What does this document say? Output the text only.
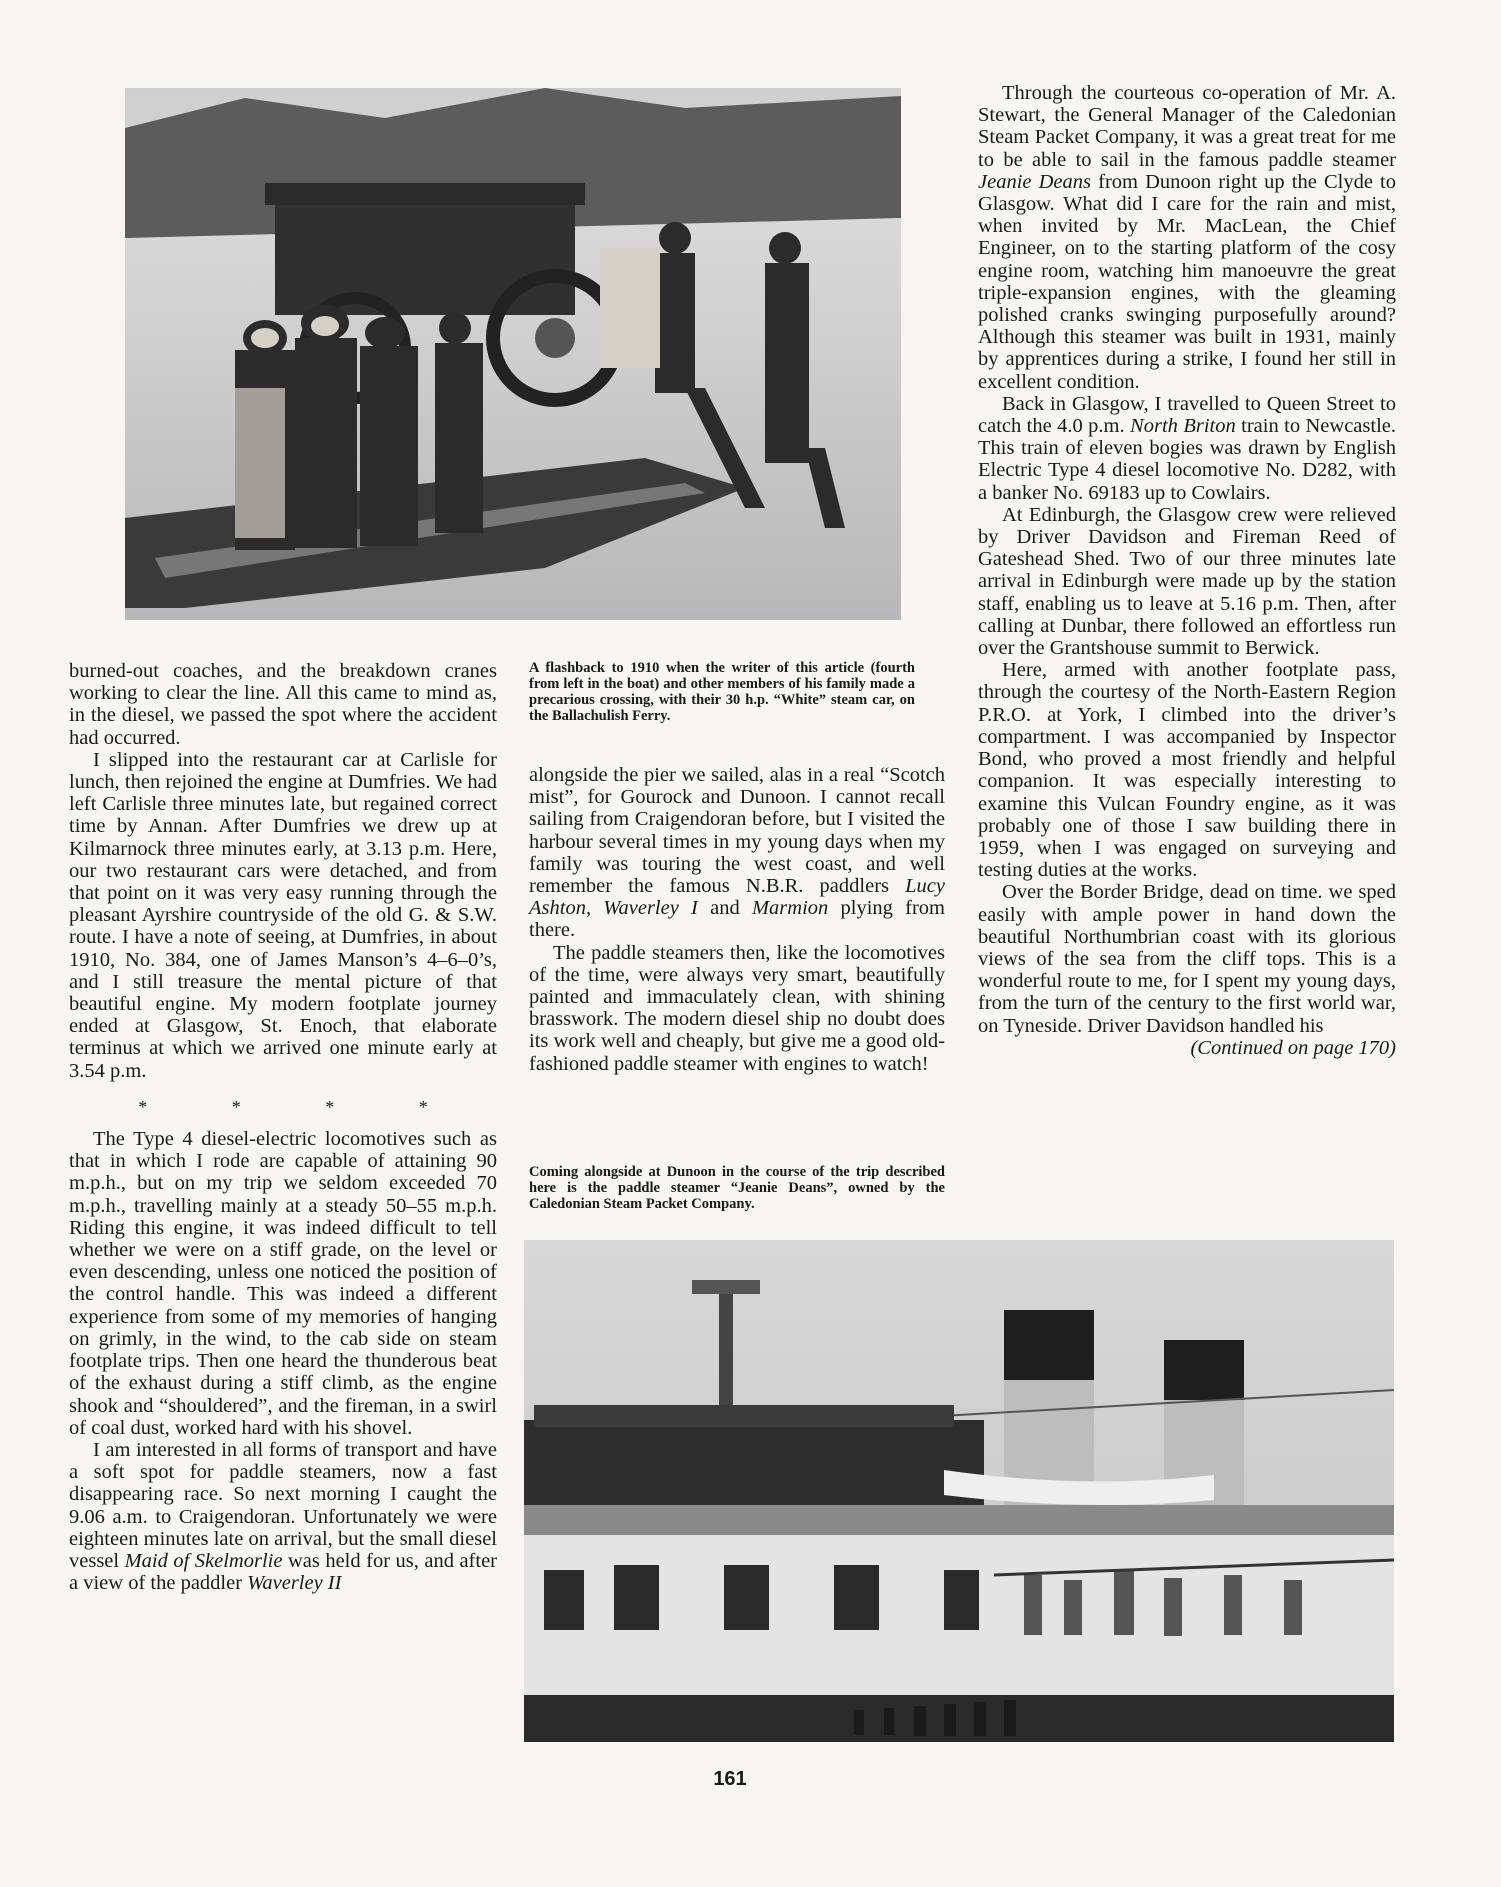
burned-out coaches, and the breakdown cranes working to clear the line. All this came to mind as, in the diesel, we passed the spot where the accident had occurred.

I slipped into the restaurant car at Carlisle for lunch, then rejoined the engine at Dumfries. We had left Carlisle three minutes late, but regained correct time by Annan. After Dumfries we drew up at Kilmarnock three minutes early, at 3.13 p.m. Here, our two restaurant cars were detached, and from that point on it was very easy running through the pleasant Ayrshire countryside of the old G. & S.W. route. I have a note of seeing, at Dumfries, in about 1910, No. 384, one of James Manson’s 4–6–0’s, and I still treasure the mental picture of that beautiful engine. My modern footplate journey ended at Glasgow, St. Enoch, that elaborate terminus at which we arrived one minute early at 3.54 p.m.

* * * *

The Type 4 diesel-electric locomotives such as that in which I rode are capable of attaining 90 m.p.h., but on my trip we seldom exceeded 70 m.p.h., travelling mainly at a steady 50–55 m.p.h. Riding this engine, it was indeed difficult to tell whether we were on a stiff grade, on the level or even descending, unless one noticed the position of the control handle. This was indeed a different experience from some of my memories of hanging on grimly, in the wind, to the cab side on steam footplate trips. Then one heard the thunderous beat of the exhaust during a stiff climb, as the engine shook and “shouldered”, and the fireman, in a swirl of coal dust, worked hard with his shovel.

I am interested in all forms of transport and have a soft spot for paddle steamers, now a fast disappearing race. So next morning I caught the 9.06 a.m. to Craigendoran. Unfortunately we were eighteen minutes late on arrival, but the small diesel vessel Maid of Skelmorlie was held for us, and after a view of the paddler Waverley II

A flashback to 1910 when the writer of this article (fourth from left in the boat) and other members of his family made a precarious crossing, with their 30 h.p. “White” steam car, on the Ballachulish Ferry.

alongside the pier we sailed, alas in a real “Scotch mist”, for Gourock and Dunoon. I cannot recall sailing from Craigendoran before, but I visited the harbour several times in my young days when my family was touring the west coast, and well remember the famous N.B.R. paddlers Lucy Ashton, Waverley I and Marmion plying from there.

The paddle steamers then, like the locomotives of the time, were always very smart, beautifully painted and immaculately clean, with shining brasswork. The modern diesel ship no doubt does its work well and cheaply, but give me a good old-fashioned paddle steamer with engines to watch!

Coming alongside at Dunoon in the course of the trip described here is the paddle steamer “Jeanie Deans”, owned by the Caledonian Steam Packet Company.

Through the courteous co-operation of Mr. A. Stewart, the General Manager of the Caledonian Steam Packet Company, it was a great treat for me to be able to sail in the famous paddle steamer Jeanie Deans from Dunoon right up the Clyde to Glasgow. What did I care for the rain and mist, when invited by Mr. MacLean, the Chief Engineer, on to the starting platform of the cosy engine room, watching him manoeuvre the great triple-expansion engines, with the gleaming polished cranks swinging purposefully around? Although this steamer was built in 1931, mainly by apprentices during a strike, I found her still in excellent condition.

Back in Glasgow, I travelled to Queen Street to catch the 4.0 p.m. North Briton train to Newcastle. This train of eleven bogies was drawn by English Electric Type 4 diesel locomotive No. D282, with a banker No. 69183 up to Cowlairs.

At Edinburgh, the Glasgow crew were relieved by Driver Davidson and Fireman Reed of Gateshead Shed. Two of our three minutes late arrival in Edinburgh were made up by the station staff, enabling us to leave at 5.16 p.m. Then, after calling at Dunbar, there followed an effortless run over the Grantshouse summit to Berwick.

Here, armed with another footplate pass, through the courtesy of the North-Eastern Region P.R.O. at York, I climbed into the driver’s compartment. I was accompanied by Inspector Bond, who proved a most friendly and helpful companion. It was especially interesting to examine this Vulcan Foundry engine, as it was probably one of those I saw building there in 1959, when I was engaged on surveying and testing duties at the works.

Over the Border Bridge, dead on time. we sped easily with ample power in hand down the beautiful Northumbrian coast with its glorious views of the sea from the cliff tops. This is a wonderful route to me, for I spent my young days, from the turn of the century to the first world war, on Tyneside. Driver Davidson handled his

(Continued on page 170)
161
